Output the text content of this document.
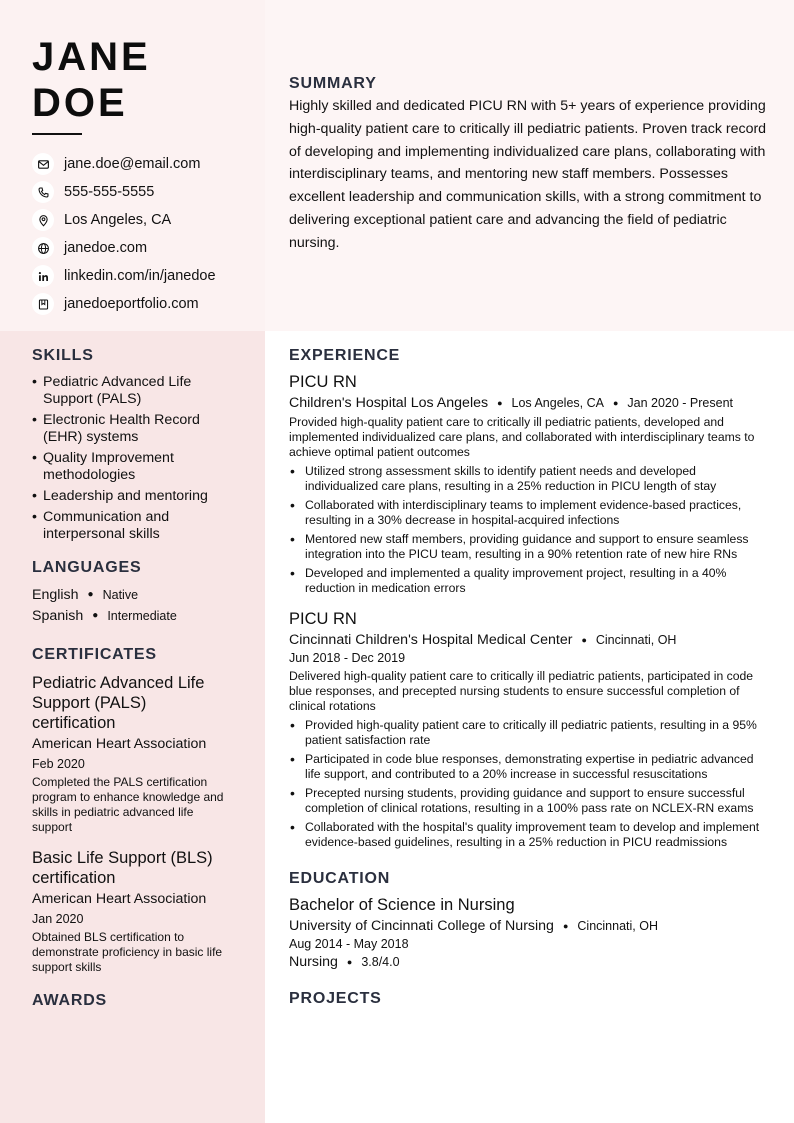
JANE
DOE
jane.doe@email.com
555-555-5555
Los Angeles, CA
janedoe.com
linkedin.com/in/janedoe
janedoeportfolio.com
SUMMARY

Highly skilled and dedicated PICU RN with 5+ years of experience providing high-quality patient care to critically ill pediatric patients. Proven track record of developing and implementing individualized care plans, collaborating with interdisciplinary teams, and mentoring new staff members. Possesses excellent leadership and communication skills, with a strong commitment to delivering exceptional patient care and advancing the field of pediatric nursing.

SKILLS
• Pediatric Advanced Life Support (PALS)
• Electronic Health Record (EHR) systems
• Quality Improvement methodologies
• Leadership and mentoring
• Communication and interpersonal skills
LANGUAGES
English ● Native
Spanish ● Intermediate
CERTIFICATES
Pediatric Advanced Life Support (PALS) certification
American Heart Association
Feb 2020
Completed the PALS certification program to enhance knowledge and skills in pediatric advanced life support
Basic Life Support (BLS) certification
American Heart Association
Jan 2020
Obtained BLS certification to demonstrate proficiency in basic life support skills
AWARDS
EXPERIENCE
PICU RN
Children's Hospital Los Angeles ● Los Angeles, CA ● Jan 2020 - Present
Provided high-quality patient care to critically ill pediatric patients, developed and implemented individualized care plans, and collaborated with interdisciplinary teams to achieve optimal patient outcomes
• Utilized strong assessment skills to identify patient needs and developed individualized care plans, resulting in a 25% reduction in PICU length of stay
• Collaborated with interdisciplinary teams to implement evidence-based practices, resulting in a 30% decrease in hospital-acquired infections
• Mentored new staff members, providing guidance and support to ensure seamless integration into the PICU team, resulting in a 90% retention rate of new hire RNs
• Developed and implemented a quality improvement project, resulting in a 40% reduction in medication errors
PICU RN
Cincinnati Children's Hospital Medical Center ● Cincinnati, OH
Jun 2018 - Dec 2019
Delivered high-quality patient care to critically ill pediatric patients, participated in code blue responses, and precepted nursing students to ensure successful completion of clinical rotations
• Provided high-quality patient care to critically ill pediatric patients, resulting in a 95% patient satisfaction rate
• Participated in code blue responses, demonstrating expertise in pediatric advanced life support, and contributed to a 20% increase in successful resuscitations
• Precepted nursing students, providing guidance and support to ensure successful completion of clinical rotations, resulting in a 100% pass rate on NCLEX-RN exams
• Collaborated with the hospital's quality improvement team to develop and implement evidence-based guidelines, resulting in a 25% reduction in PICU readmissions
EDUCATION
Bachelor of Science in Nursing
University of Cincinnati College of Nursing ● Cincinnati, OH
Aug 2014 - May 2018
Nursing ● 3.8/4.0
PROJECTS
